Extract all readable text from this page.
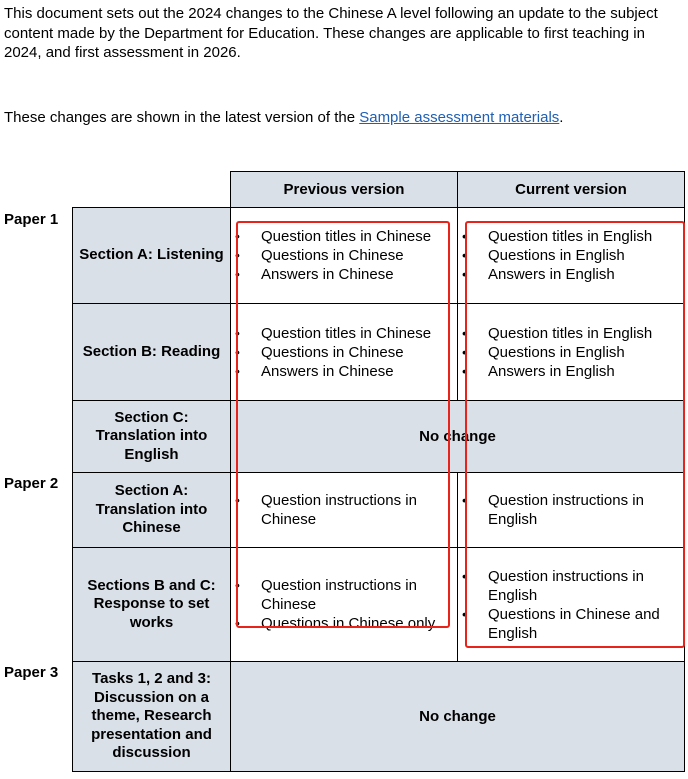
This document sets out the 2024 changes to the Chinese A level following an update to the subject content made by the Department for Education. These changes are applicable to first teaching in 2024, and first assessment in 2026.

These changes are shown in the latest version of the Sample assessment materials.

Paper 1
Paper 2
Paper 3
Previous version	Current version
Section A: Listening
• Question titles in Chinese
• Questions in Chinese
• Answers in Chinese
• Question titles in English
• Questions in English
• Answers in English
Section B: Reading
• Question titles in Chinese
• Questions in Chinese
• Answers in Chinese
• Question titles in English
• Questions in English
• Answers in English
Section C: Translation into English
No change
Section A: Translation into Chinese
• Question instructions in Chinese
• Question instructions in English
Sections B and C: Response to set works
• Question instructions in Chinese
• Questions in Chinese only
• Question instructions in English
• Questions in Chinese and English
Tasks 1, 2 and 3: Discussion on a theme, Research presentation and discussion
No change
